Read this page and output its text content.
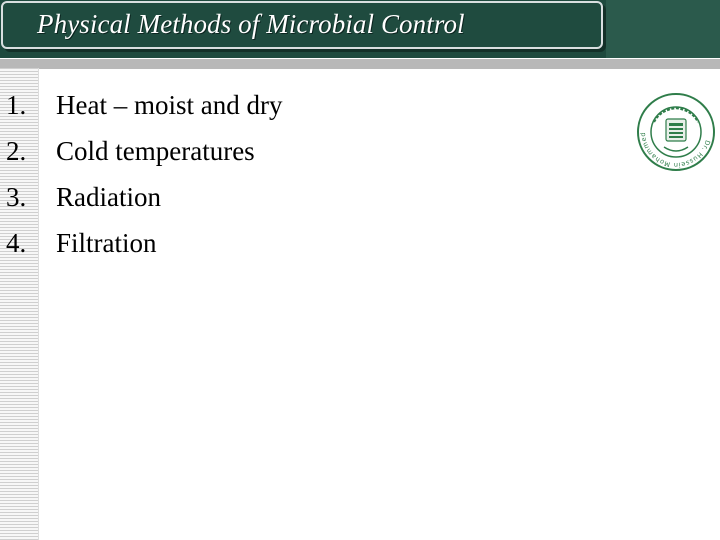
Physical Methods of Microbial Control
1. Heat – moist and dry
2. Cold temperatures
3. Radiation
4. Filtration
Dr. Hussein Mohammed
